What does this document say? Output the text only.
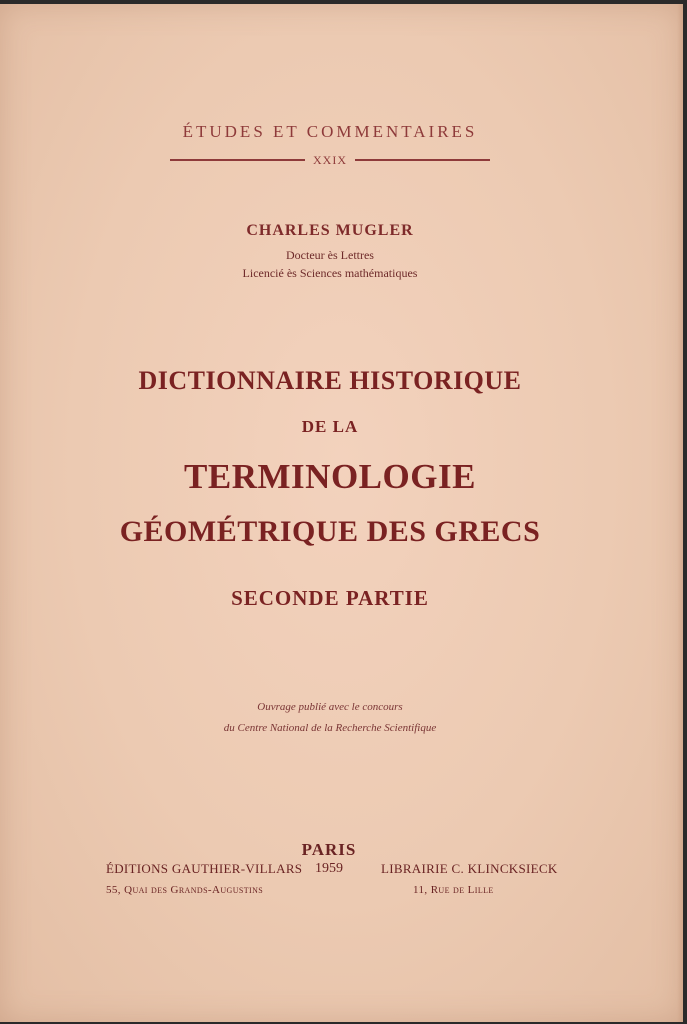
ÉTUDES ET COMMENTAIRES
XXIX
CHARLES MUGLER
Docteur ès Lettres
Licencié ès Sciences mathématiques
DICTIONNAIRE HISTORIQUE
DE LA
TERMINOLOGIE
GÉOMÉTRIQUE DES GRECS
SECONDE PARTIE
Ouvrage publié avec le concours
du Centre National de la Recherche Scientifique
PARIS
1959
ÉDITIONS GAUTHIER-VILLARS
55, Quai des Grands-Augustins
LIBRAIRIE C. KLINCKSIECK
11, Rue de Lille
